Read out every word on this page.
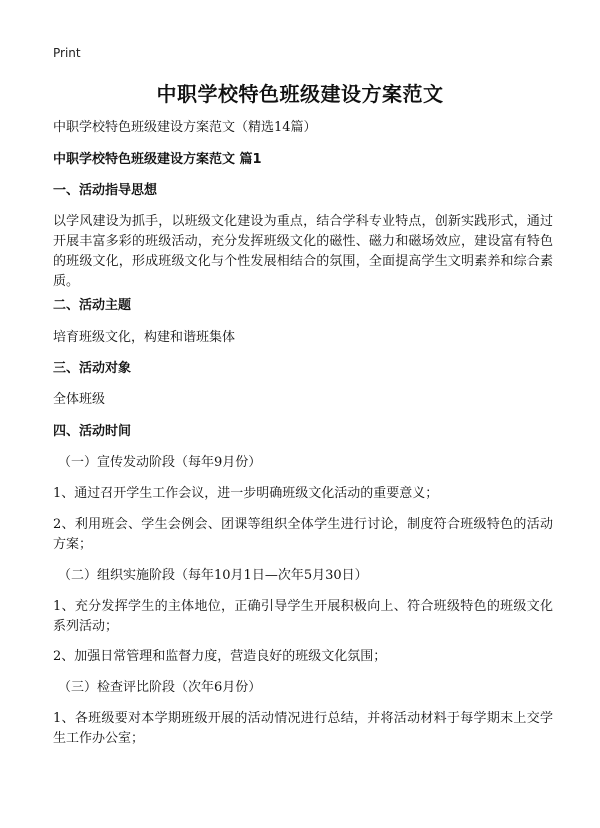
Print
中职学校特色班级建设方案范文

中职学校特色班级建设方案范文（精选14篇）

中职学校特色班级建设方案范文 篇1

一、活动指导思想

以学风建设为抓手，以班级文化建设为重点，结合学科专业特点，创新实践形式，通过开展丰富多彩的班级活动，充分发挥班级文化的磁性、磁力和磁场效应，建设富有特色的班级文化，形成班级文化与个性发展相结合的氛围，全面提高学生文明素养和综合素质。

二、活动主题

培育班级文化，构建和谐班集体

三、活动对象

全体班级

四、活动时间

（一）宣传发动阶段（每年9月份）

1、通过召开学生工作会议，进一步明确班级文化活动的重要意义；

2、利用班会、学生会例会、团课等组织全体学生进行讨论，制度符合班级特色的活动方案；

（二）组织实施阶段（每年10月1日—次年5月30日）

1、充分发挥学生的主体地位，正确引导学生开展积极向上、符合班级特色的班级文化系列活动；

2、加强日常管理和监督力度，营造良好的班级文化氛围；

（三）检查评比阶段（次年6月份）

1、各班级要对本学期班级开展的活动情况进行总结，并将活动材料于每学期末上交学生工作办公室；
